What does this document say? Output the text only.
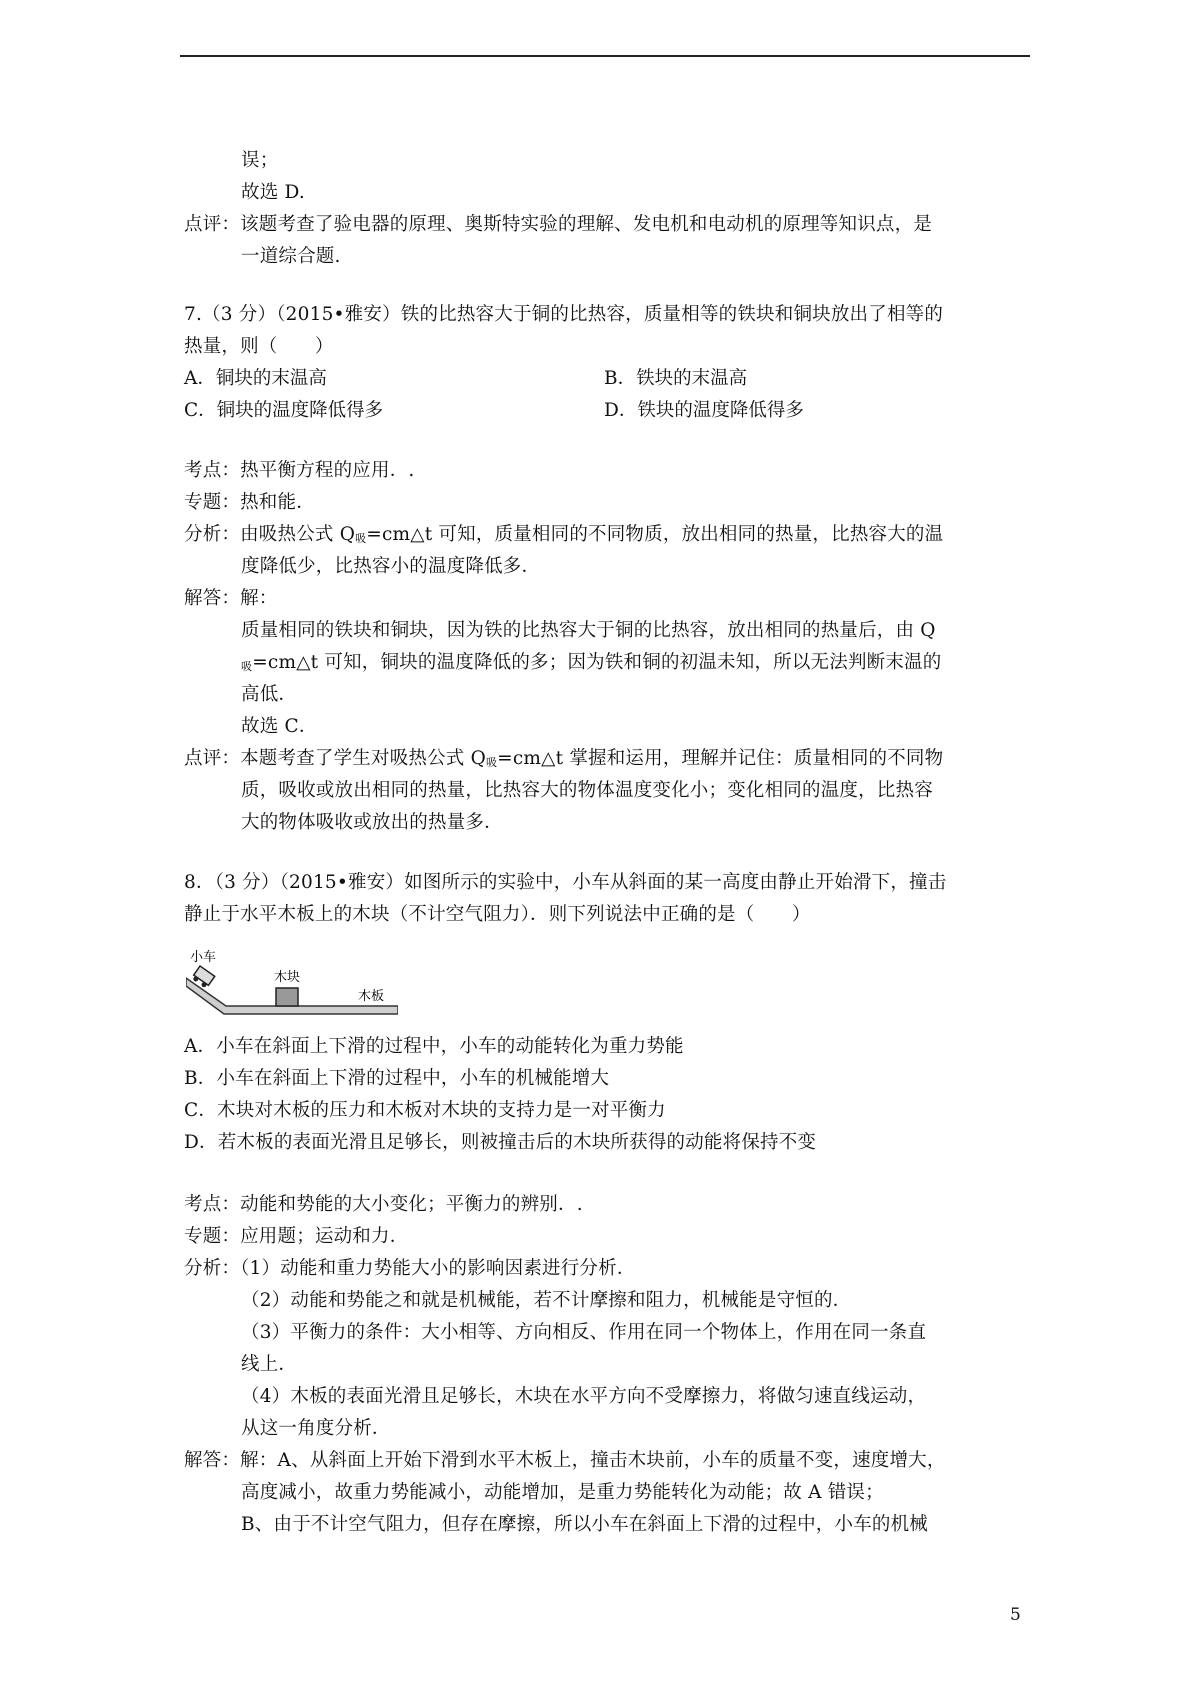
误；
故选 D.
点评：该题考查了验电器的原理、奥斯特实验的理解、发电机和电动机的原理等知识点，是
一道综合题.
7.（3 分）（2015•雅安）铁的比热容大于铜的比热容，质量相等的铁块和铜块放出了相等的
热量，则（　　）
A．铜块的末温高	B．铁块的末温高
C．铜块的温度降低得多	D．铁块的温度降低得多
考点：热平衡方程的应用．.
专题：热和能．
分析：由吸热公式 Q吸=cm△t 可知，质量相同的不同物质，放出相同的热量，比热容大的温
度降低少，比热容小的温度降低多．
解答：解：
质量相同的铁块和铜块，因为铁的比热容大于铜的比热容，放出相同的热量后，由 Q
吸=cm△t 可知，铜块的温度降低的多；因为铁和铜的初温未知，所以无法判断末温的
高低．
故选 C．
点评：本题考查了学生对吸热公式 Q吸=cm△t 掌握和运用，理解并记住：质量相同的不同物
质，吸收或放出相同的热量，比热容大的物体温度变化小；变化相同的温度，比热容
大的物体吸收或放出的热量多．
8．（3 分）（2015•雅安）如图所示的实验中，小车从斜面的某一高度由静止开始滑下，撞击
静止于水平木板上的木块（不计空气阻力）．则下列说法中正确的是（　　）
小车
木块
木板
A．小车在斜面上下滑的过程中，小车的动能转化为重力势能
B．小车在斜面上下滑的过程中，小车的机械能增大
C．木块对木板的压力和木板对木块的支持力是一对平衡力
D．若木板的表面光滑且足够长，则被撞击后的木块所获得的动能将保持不变
考点：动能和势能的大小变化；平衡力的辨别．.
专题：应用题；运动和力．
分析：（1）动能和重力势能大小的影响因素进行分析．
（2）动能和势能之和就是机械能，若不计摩擦和阻力，机械能是守恒的．
（3）平衡力的条件：大小相等、方向相反、作用在同一个物体上，作用在同一条直
线上．
（4）木板的表面光滑且足够长，木块在水平方向不受摩擦力，将做匀速直线运动，
从这一角度分析．
解答：解：A、从斜面上开始下滑到水平木板上，撞击木块前，小车的质量不变，速度增大，
高度减小，故重力势能减小，动能增加，是重力势能转化为动能；故 A 错误；
B、由于不计空气阻力，但存在摩擦，所以小车在斜面上下滑的过程中，小车的机械
5
